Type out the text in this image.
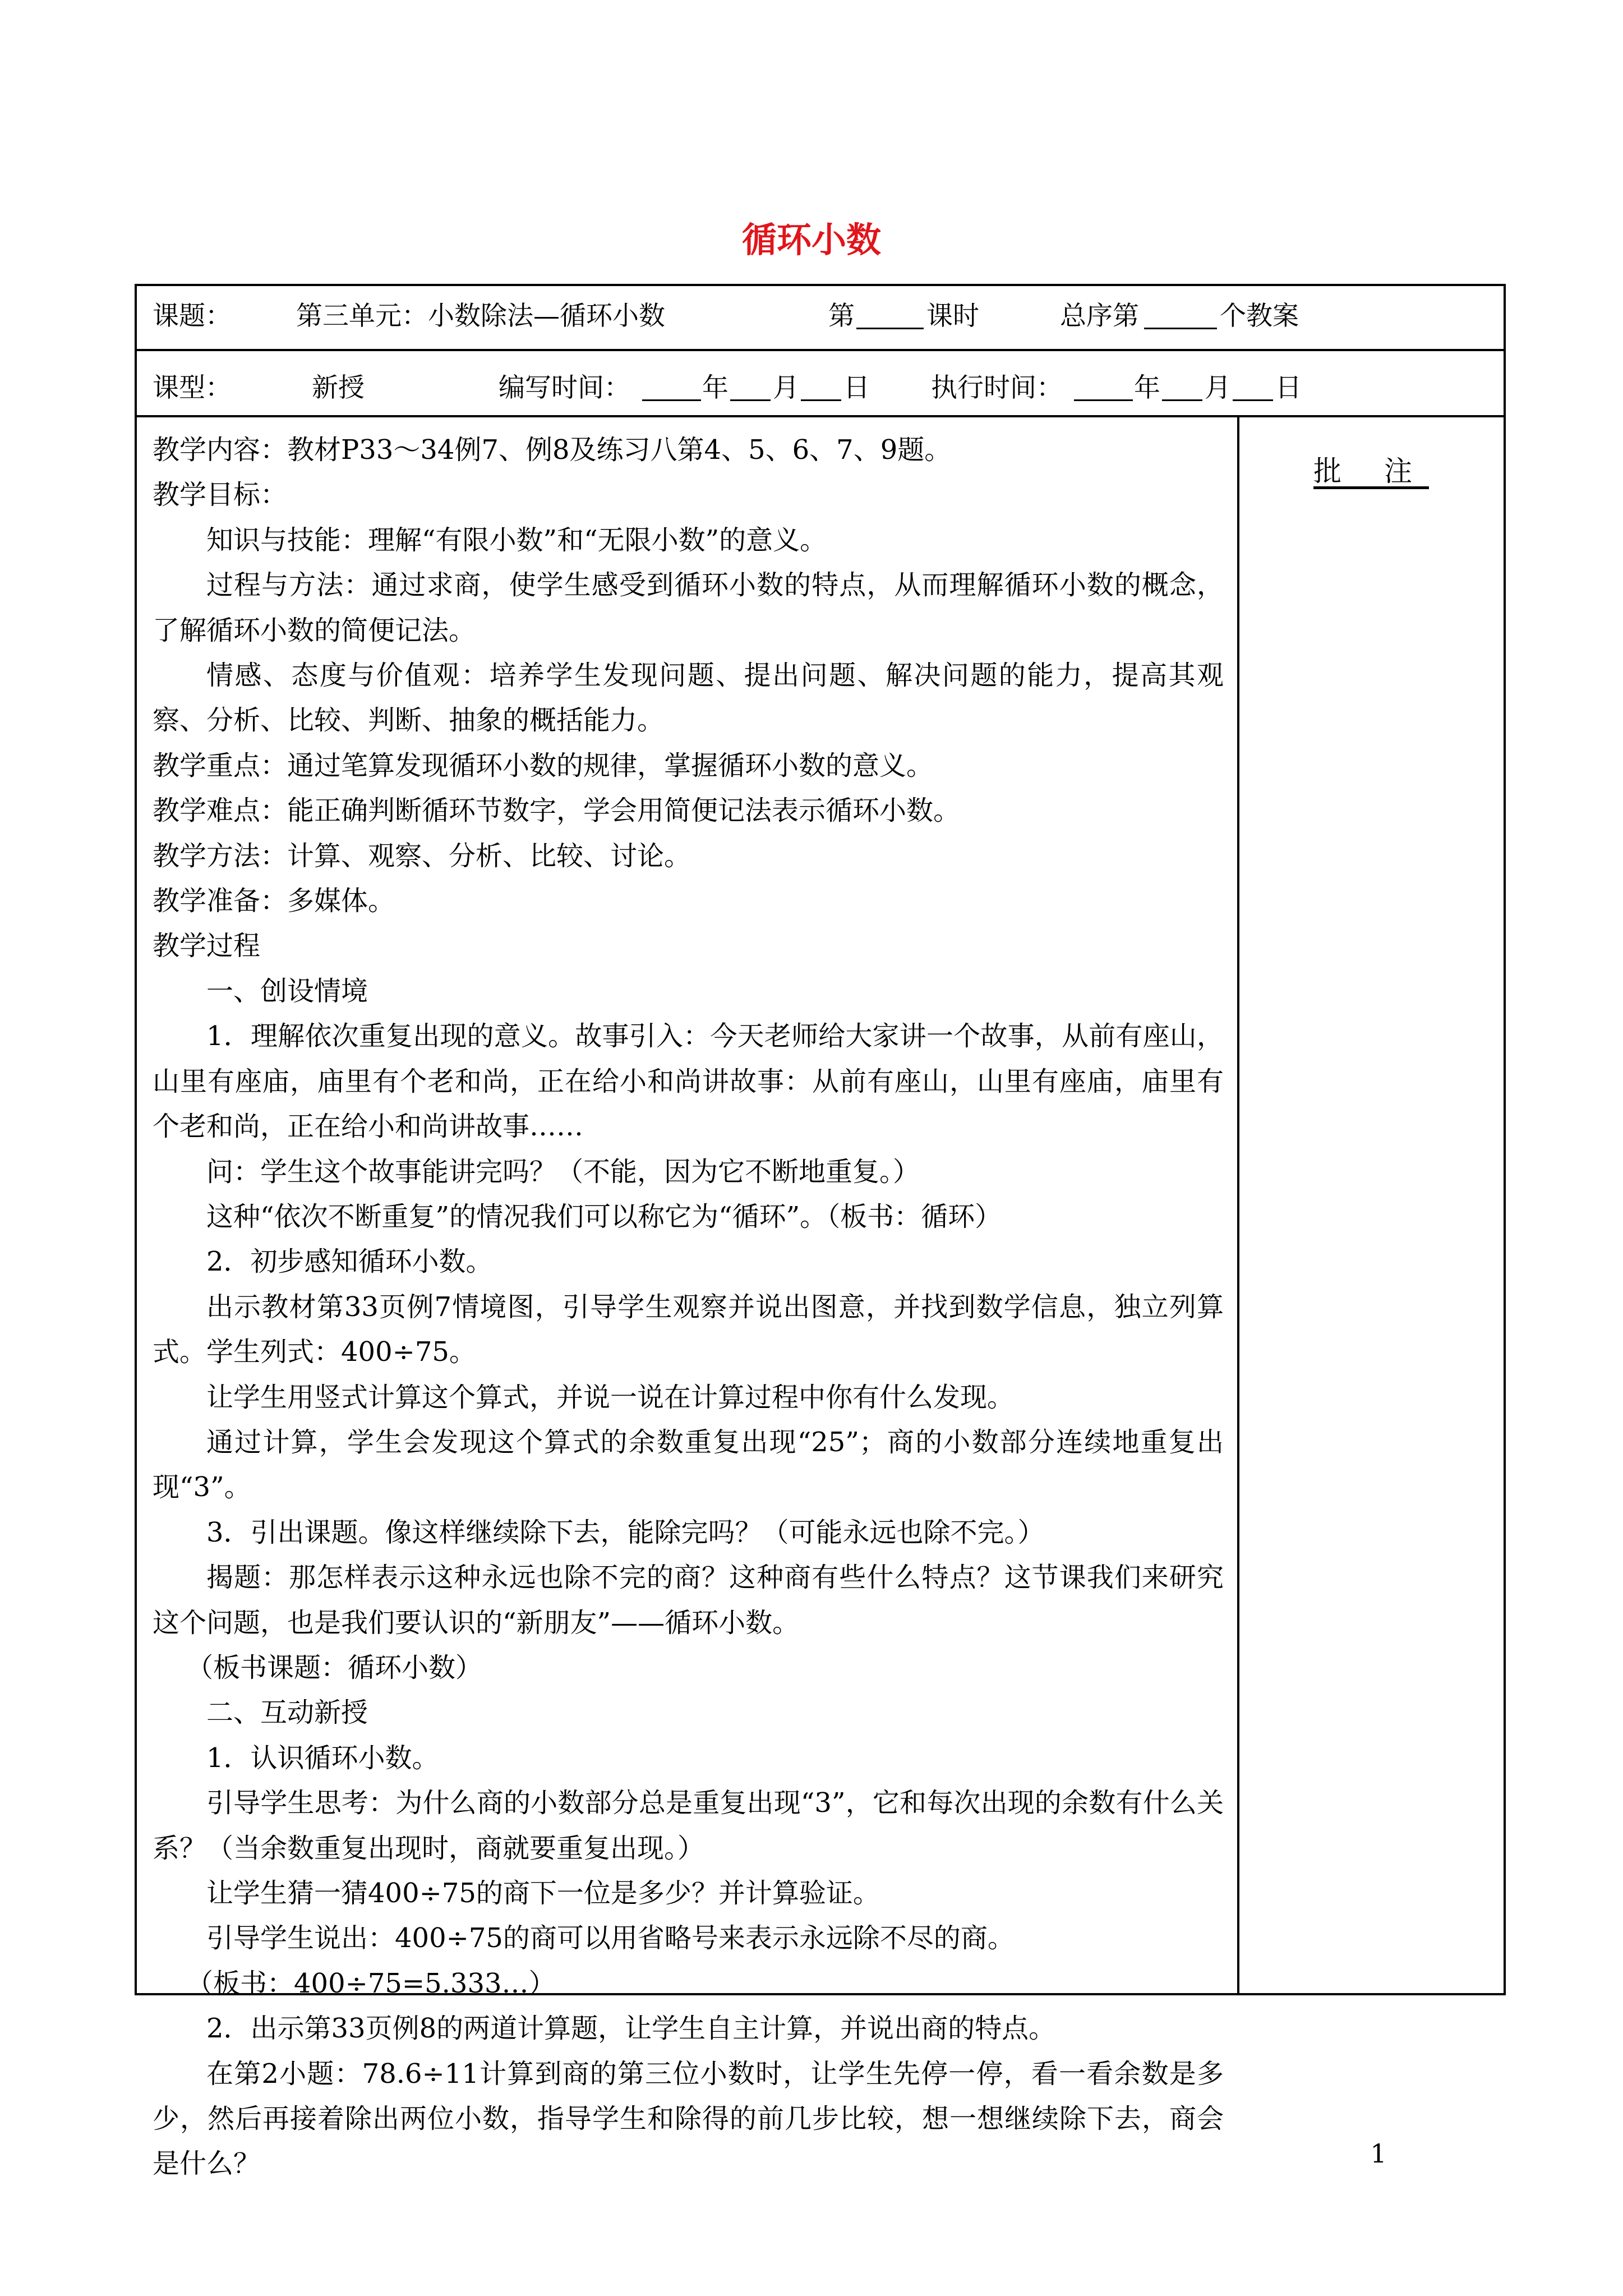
循环小数
课题： 第三单元：小数除法—循环小数	第	课时	总序第	个教案
课型：	新授	编写时间：	年 月 日 执行时间：	年 月 日

教学内容：教材P33～34例7、例8及练习八第4、5、6、7、9题。

教学目标：

知识与技能：理解“有限小数”和“无限小数”的意义。

过程与方法：通过求商，使学生感受到循环小数的特点，从而理解循环小数的概念，了解循环小数的简便记法。

情感、态度与价值观：培养学生发现问题、提出问题、解决问题的能力，提高其观察、分析、比较、判断、抽象的概括能力。

教学重点：通过笔算发现循环小数的规律，掌握循环小数的意义。

教学难点：能正确判断循环节数字，学会用简便记法表示循环小数。

教学方法：计算、观察、分析、比较、讨论。

教学准备：多媒体。

教学过程

一、创设情境

1．理解依次重复出现的意义。故事引入：今天老师给大家讲一个故事，从前有座山，山里有座庙，庙里有个老和尚，正在给小和尚讲故事：从前有座山，山里有座庙，庙里有个老和尚，正在给小和尚讲故事……

问：学生这个故事能讲完吗？（不能，因为它不断地重复。）

这种“依次不断重复”的情况我们可以称它为“循环”。（板书：循环）

2．初步感知循环小数。

出示教材第33页例7情境图，引导学生观察并说出图意，并找到数学信息，独立列算式。学生列式：400÷75。

让学生用竖式计算这个算式，并说一说在计算过程中你有什么发现。

通过计算，学生会发现这个算式的余数重复出现“25”；商的小数部分连续地重复出现“3”。

3．引出课题。像这样继续除下去，能除完吗？（可能永远也除不完。）

揭题：那怎样表示这种永远也除不完的商？这种商有些什么特点？这节课我们来研究这个问题，也是我们要认识的“新朋友”——循环小数。

（板书课题：循环小数）

二、互动新授

1．认识循环小数。

引导学生思考：为什么商的小数部分总是重复出现“3”，它和每次出现的余数有什么关系？（当余数重复出现时，商就要重复出现。）

让学生猜一猜400÷75的商下一位是多少？并计算验证。

引导学生说出：400÷75的商可以用省略号来表示永远除不尽的商。

（板书：400÷75=5.333…）

2．出示第33页例8的两道计算题，让学生自主计算，并说出商的特点。

在第2小题：78.6÷11计算到商的第三位小数时，让学生先停一停，看一看余数是多少，然后再接着除出两位小数，指导学生和除得的前几步比较，想一想继续除下去，商会是什么？

批 注
1
